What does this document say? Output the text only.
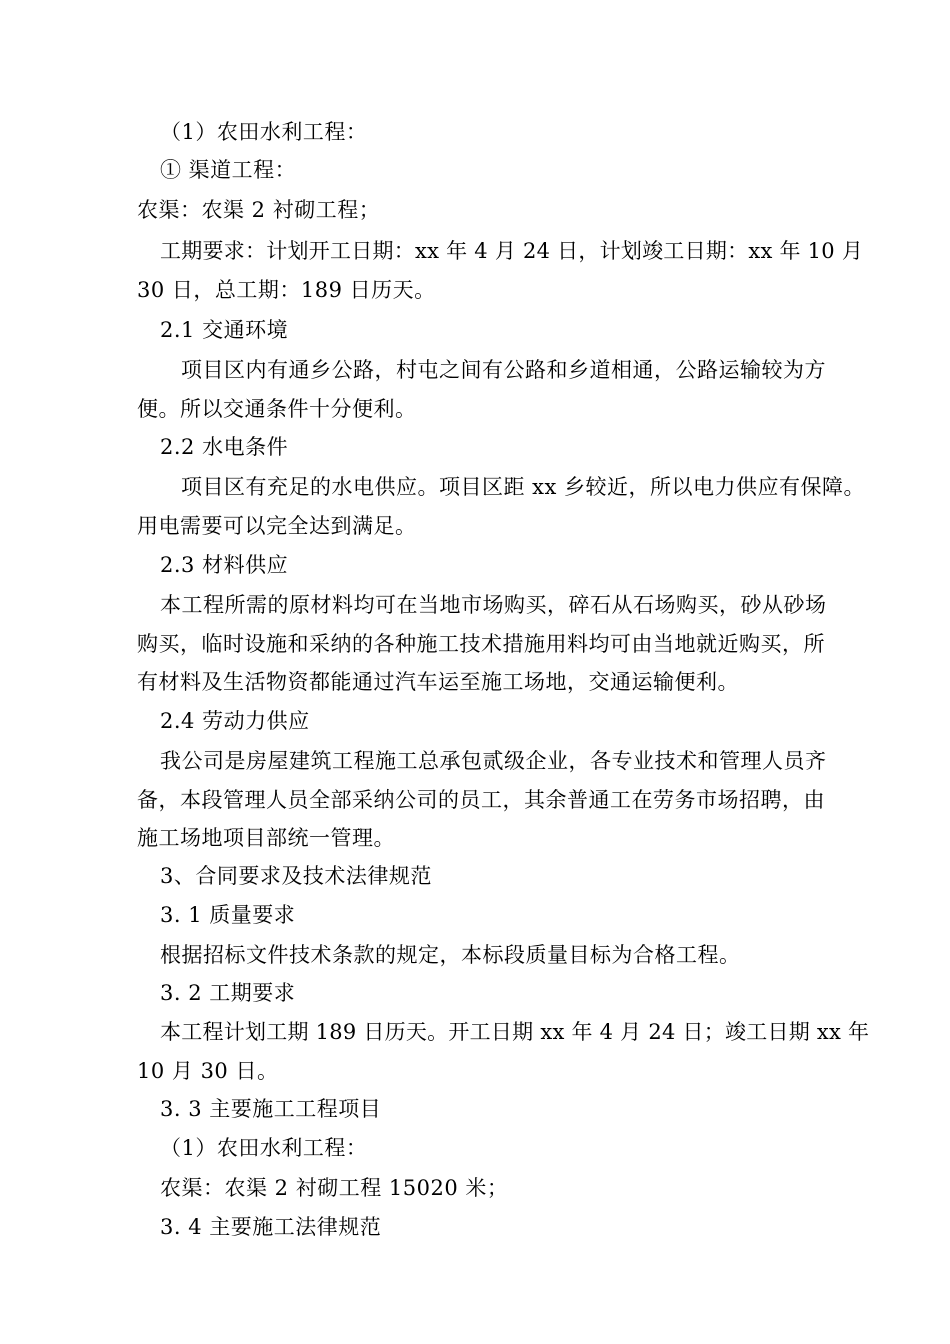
（1）农田水利工程：
① 渠道工程：
农渠：农渠 2 衬砌工程；
工期要求：计划开工日期：xx 年 4 月 24 日，计划竣工日期：xx 年 10 月
30 日，总工期：189 日历天。
2.1 交通环境
项目区内有通乡公路，村屯之间有公路和乡道相通，公路运输较为方
便。所以交通条件十分便利。
2.2 水电条件
项目区有充足的水电供应。项目区距 xx 乡较近，所以电力供应有保障。
用电需要可以完全达到满足。
2.3 材料供应
本工程所需的原材料均可在当地市场购买，碎石从石场购买，砂从砂场
购买，临时设施和采纳的各种施工技术措施用料均可由当地就近购买，所
有材料及生活物资都能通过汽车运至施工场地，交通运输便利。
2.4 劳动力供应
我公司是房屋建筑工程施工总承包贰级企业，各专业技术和管理人员齐
备，本段管理人员全部采纳公司的员工，其余普通工在劳务市场招聘，由
施工场地项目部统一管理。
3、合同要求及技术法律规范
3. 1 质量要求
根据招标文件技术条款的规定，本标段质量目标为合格工程。
3. 2 工期要求
本工程计划工期 189 日历天。开工日期 xx 年 4 月 24 日；竣工日期 xx 年
10 月 30 日。
3. 3 主要施工工程项目
（1）农田水利工程：
农渠：农渠 2 衬砌工程 15020 米；
3. 4 主要施工法律规范
